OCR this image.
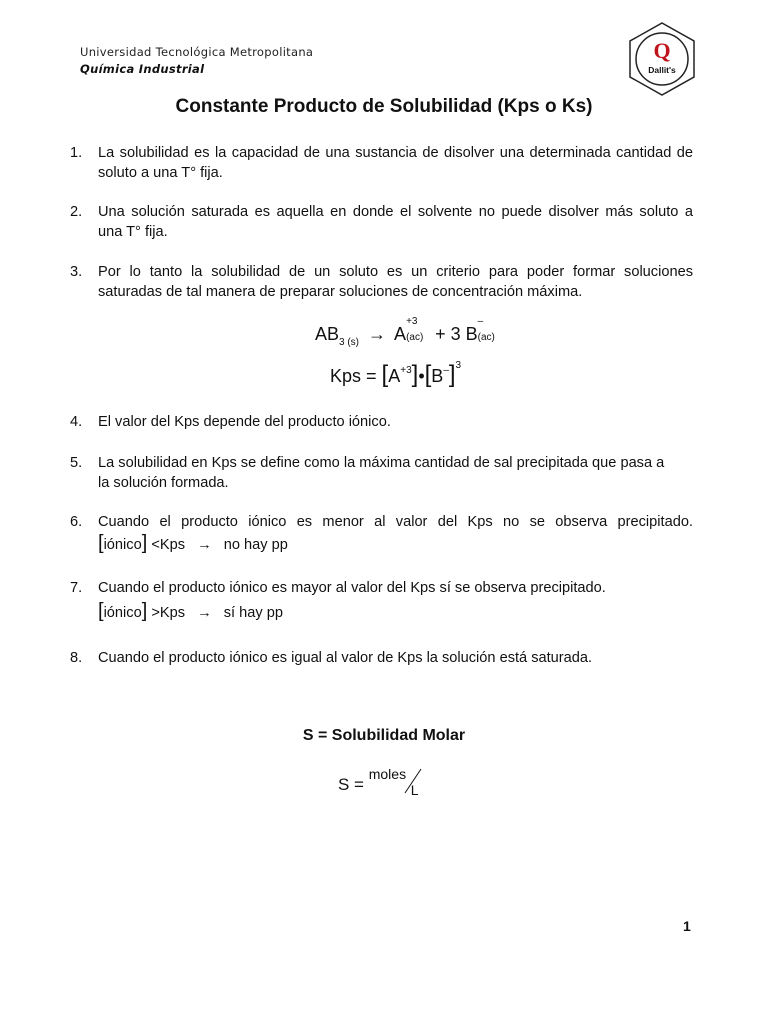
Universidad Tecnológica Metropolitana
Química Industrial
Q
Dallit's
Constante Producto de Solubilidad (Kps o Ks)
1. La solubilidad es la capacidad de una sustancia de disolver una determinada cantidad de
soluto a una T° fija.
2. Una solución saturada es aquella en donde el solvente no puede disolver más soluto a
una T° fija.
3. Por lo tanto la solubilidad de un soluto es un criterio para poder formar soluciones
saturadas de tal manera de preparar soluciones de concentración máxima.
4. El valor del Kps depende del producto iónico.
5. La solubilidad en Kps se define como la máxima cantidad de sal precipitada que pasa a
la solución formada.
6. Cuando el producto iónico es menor al valor del Kps no se observa precipitado.
7. Cuando el producto iónico es mayor al valor del Kps sí se observa precipitado.
8. Cuando el producto iónico es igual al valor de Kps la solución está saturada.
$AB_{3 (s)} \to A$
+3
(ac) + 3 B
–
(ac)
Kps = $[A^{+3}]•[B^-]^3$
[iónico] <Kps → no hay pp
[iónico] >Kps → sí hay pp
S = Solubilidad Molar
S =
moles
L
1
